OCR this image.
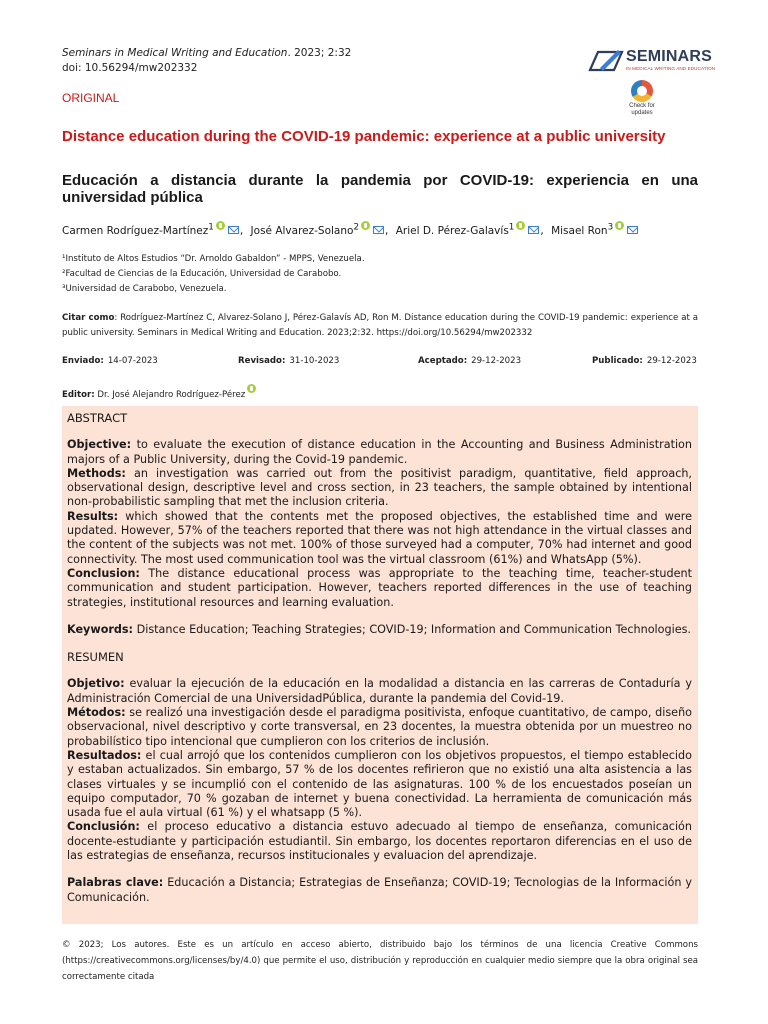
Seminars in Medical Writing and Education. 2023; 2:32
doi: 10.56294/mw202332
SEMINARS
IN MEDICAL WRITING AND EDUCATION
Check for updates
ORIGINAL
Distance education during the COVID-19 pandemic: experience at a public university
Educación a distancia durante la pandemia por COVID-19: experiencia en una universidad pública
Carmen Rodríguez-Martínez$^1$ , José Alvarez-Solano$^2$ , Ariel D. Pérez-Galavís$^1$ , Misael Ron$^3$
¹Instituto de Altos Estudios “Dr. Arnoldo Gabaldon” - MPPS, Venezuela.
²Facultad de Ciencias de la Educación, Universidad de Carabobo.
³Universidad de Carabobo, Venezuela.
Citar como: Rodríguez-Martínez C, Alvarez-Solano J, Pérez-Galavís AD, Ron M. Distance education during the COVID-19 pandemic: experience at a public university. Seminars in Medical Writing and Education. 2023;2:32. https://doi.org/10.56294/mw202332
Enviado: 14-07-2023	Revisado: 31-10-2023	Aceptado: 29-12-2023	Publicado: 29-12-2023
Editor: Dr. José Alejandro Rodríguez-Pérez
ABSTRACT

Objective: to evaluate the execution of distance education in the Accounting and Business Administration majors of a Public University, during the Covid-19 pandemic.

Methods: an investigation was carried out from the positivist paradigm, quantitative, field approach, observational design, descriptive level and cross section, in 23 teachers, the sample obtained by intentional non-probabilistic sampling that met the inclusion criteria.

Results: which showed that the contents met the proposed objectives, the established time and were updated. However, 57% of the teachers reported that there was not high attendance in the virtual classes and the content of the subjects was not met. 100% of those surveyed had a computer, 70% had internet and good connectivity. The most used communication tool was the virtual classroom (61%) and WhatsApp (5%).

Conclusion: The distance educational process was appropriate to the teaching time, teacher-student communication and student participation. However, teachers reported differences in the use of teaching strategies, institutional resources and learning evaluation.

Keywords: Distance Education; Teaching Strategies; COVID-19; Information and Communication Technologies.

RESUMEN

Objetivo: evaluar la ejecución de la educación en la modalidad a distancia en las carreras de Contaduría y Administración Comercial de una UniversidadPública, durante la pandemia del Covid-19.

Métodos: se realizó una investigación desde el paradigma positivista, enfoque cuantitativo, de campo, diseño observacional, nivel descriptivo y corte transversal, en 23 docentes, la muestra obtenida por un muestreo no probabilístico tipo intencional que cumplieron con los criterios de inclusión.

Resultados: el cual arrojó que los contenidos cumplieron con los objetivos propuestos, el tiempo establecido y estaban actualizados. Sin embargo, 57 % de los docentes refirieron que no existió una alta asistencia a las clases virtuales y se incumplió con el contenido de las asignaturas. 100 % de los encuestados poseían un equipo computador, 70 % gozaban de internet y buena conectividad. La herramienta de comunicación más usada fue el aula virtual (61 %) y el whatsapp (5 %).

Conclusión: el proceso educativo a distancia estuvo adecuado al tiempo de enseñanza, comunicación docente-estudiante y participación estudiantil. Sin embargo, los docentes reportaron diferencias en el uso de las estrategias de enseñanza, recursos institucionales y evaluacion del aprendizaje.

Palabras clave: Educación a Distancia; Estrategias de Enseñanza; COVID-19; Tecnologias de la Información y Comunicación.

© 2023; Los autores. Este es un artículo en acceso abierto, distribuido bajo los términos de una licencia Creative Commons (https://creativecommons.org/licenses/by/4.0) que permite el uso, distribución y reproducción en cualquier medio siempre que la obra original sea correctamente citada
